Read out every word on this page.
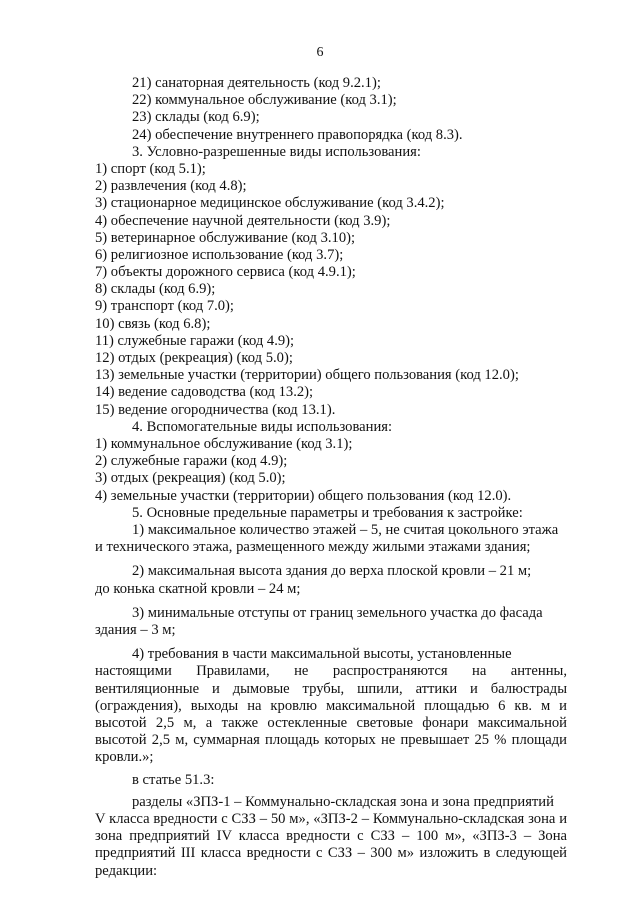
6
21) санаторная деятельность (код 9.2.1);
22) коммунальное обслуживание (код 3.1);
23) склады (код 6.9);
24) обеспечение внутреннего правопорядка (код 8.3).
3. Условно-разрешенные виды использования:
1) спорт (код 5.1);
2) развлечения (код 4.8);
3) стационарное медицинское обслуживание (код 3.4.2);
4) обеспечение научной деятельности (код 3.9);
5) ветеринарное обслуживание (код 3.10);
6) религиозное использование (код 3.7);
7) объекты дорожного сервиса (код 4.9.1);
8) склады (код 6.9);
9) транспорт (код 7.0);
10) связь (код 6.8);
11) служебные гаражи (код 4.9);
12) отдых (рекреация) (код 5.0);
13) земельные участки (территории) общего пользования (код 12.0);
14) ведение садоводства (код 13.2);
15) ведение огородничества (код 13.1).
4. Вспомогательные виды использования:
1) коммунальное обслуживание (код 3.1);
2) служебные гаражи (код 4.9);
3) отдых (рекреация) (код 5.0);
4) земельные участки (территории) общего пользования (код 12.0).
5. Основные предельные параметры и требования к застройке:
1) максимальное количество этажей – 5, не считая цокольного этажа
и технического этажа, размещенного между жилыми этажами здания;
2) максимальная высота здания до верха плоской кровли – 21 м;
до конька скатной кровли – 24 м;
3) минимальные отступы от границ земельного участка до фасада
здания – 3 м;
4) требования в части максимальной высоты, установленные
настоящими Правилами, не распространяются на антенны, вентиляционные и дымовые трубы, шпили, аттики и балюстрады (ограждения), выходы на кровлю максимальной площадью 6 кв. м и высотой 2,5 м, а также остекленные световые фонари максимальной высотой 2,5 м, суммарная площадь которых не превышает 25 % площади кровли.»;
в статье 51.3:
разделы «ЗПЗ-1 – Коммунально-складская зона и зона предприятий
V класса вредности с СЗЗ – 50 м», «ЗПЗ-2 – Коммунально-складская зона и зона предприятий IV класса вредности с СЗЗ – 100 м», «ЗПЗ-3 – Зона предприятий III класса вредности с СЗЗ – 300 м» изложить в следующей редакции:
